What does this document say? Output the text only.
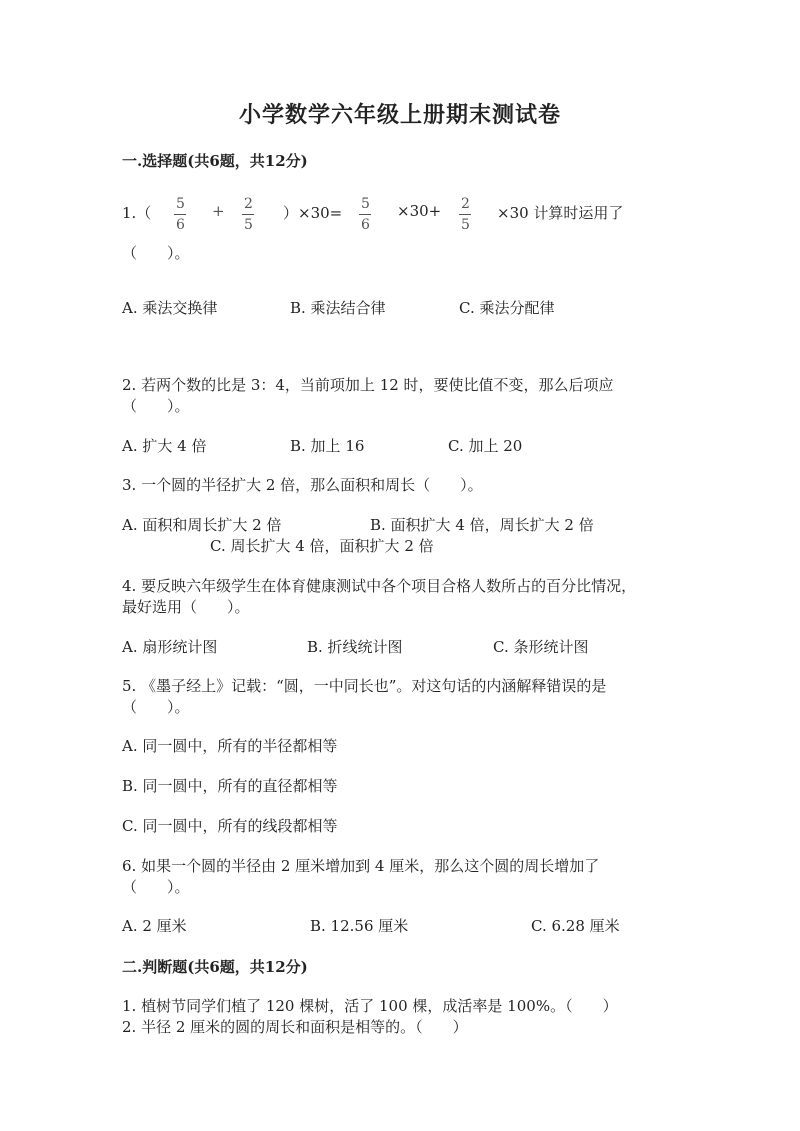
小学数学六年级上册期末测试卷
一.选择题(共6题，共12分)
1.（ 5
6
+ 2
5
）×30= 5
6
×30+ 2
5
×30 计算时运用了
（　　）。
A. 乘法交换律	B. 乘法结合律	C. 乘法分配律
2. 若两个数的比是 3：4，当前项加上 12 时，要使比值不变，那么后项应
（　　）。
A. 扩大 4 倍	B. 加上 16	C. 加上 20
3. 一个圆的半径扩大 2 倍，那么面积和周长（　　）。
A. 面积和周长扩大 2 倍	B. 面积扩大 4 倍，周长扩大 2 倍
C. 周长扩大 4 倍，面积扩大 2 倍
4. 要反映六年级学生在体育健康测试中各个项目合格人数所占的百分比情况，
最好选用（　　）。
A. 扇形统计图	B. 折线统计图	C. 条形统计图
5. 《墨子经上》记载：“圆，一中同长也”。对这句话的内涵解释错误的是
（　　）。
A. 同一圆中，所有的半径都相等
B. 同一圆中，所有的直径都相等
C. 同一圆中，所有的线段都相等
6. 如果一个圆的半径由 2 厘米增加到 4 厘米，那么这个圆的周长增加了
（　　）。
A. 2 厘米	B. 12.56 厘米	C. 6.28 厘米
二.判断题(共6题，共12分)
1. 植树节同学们植了 120 棵树，活了 100 棵，成活率是 100%。（　　）
2. 半径 2 厘米的圆的周长和面积是相等的。（　　）
